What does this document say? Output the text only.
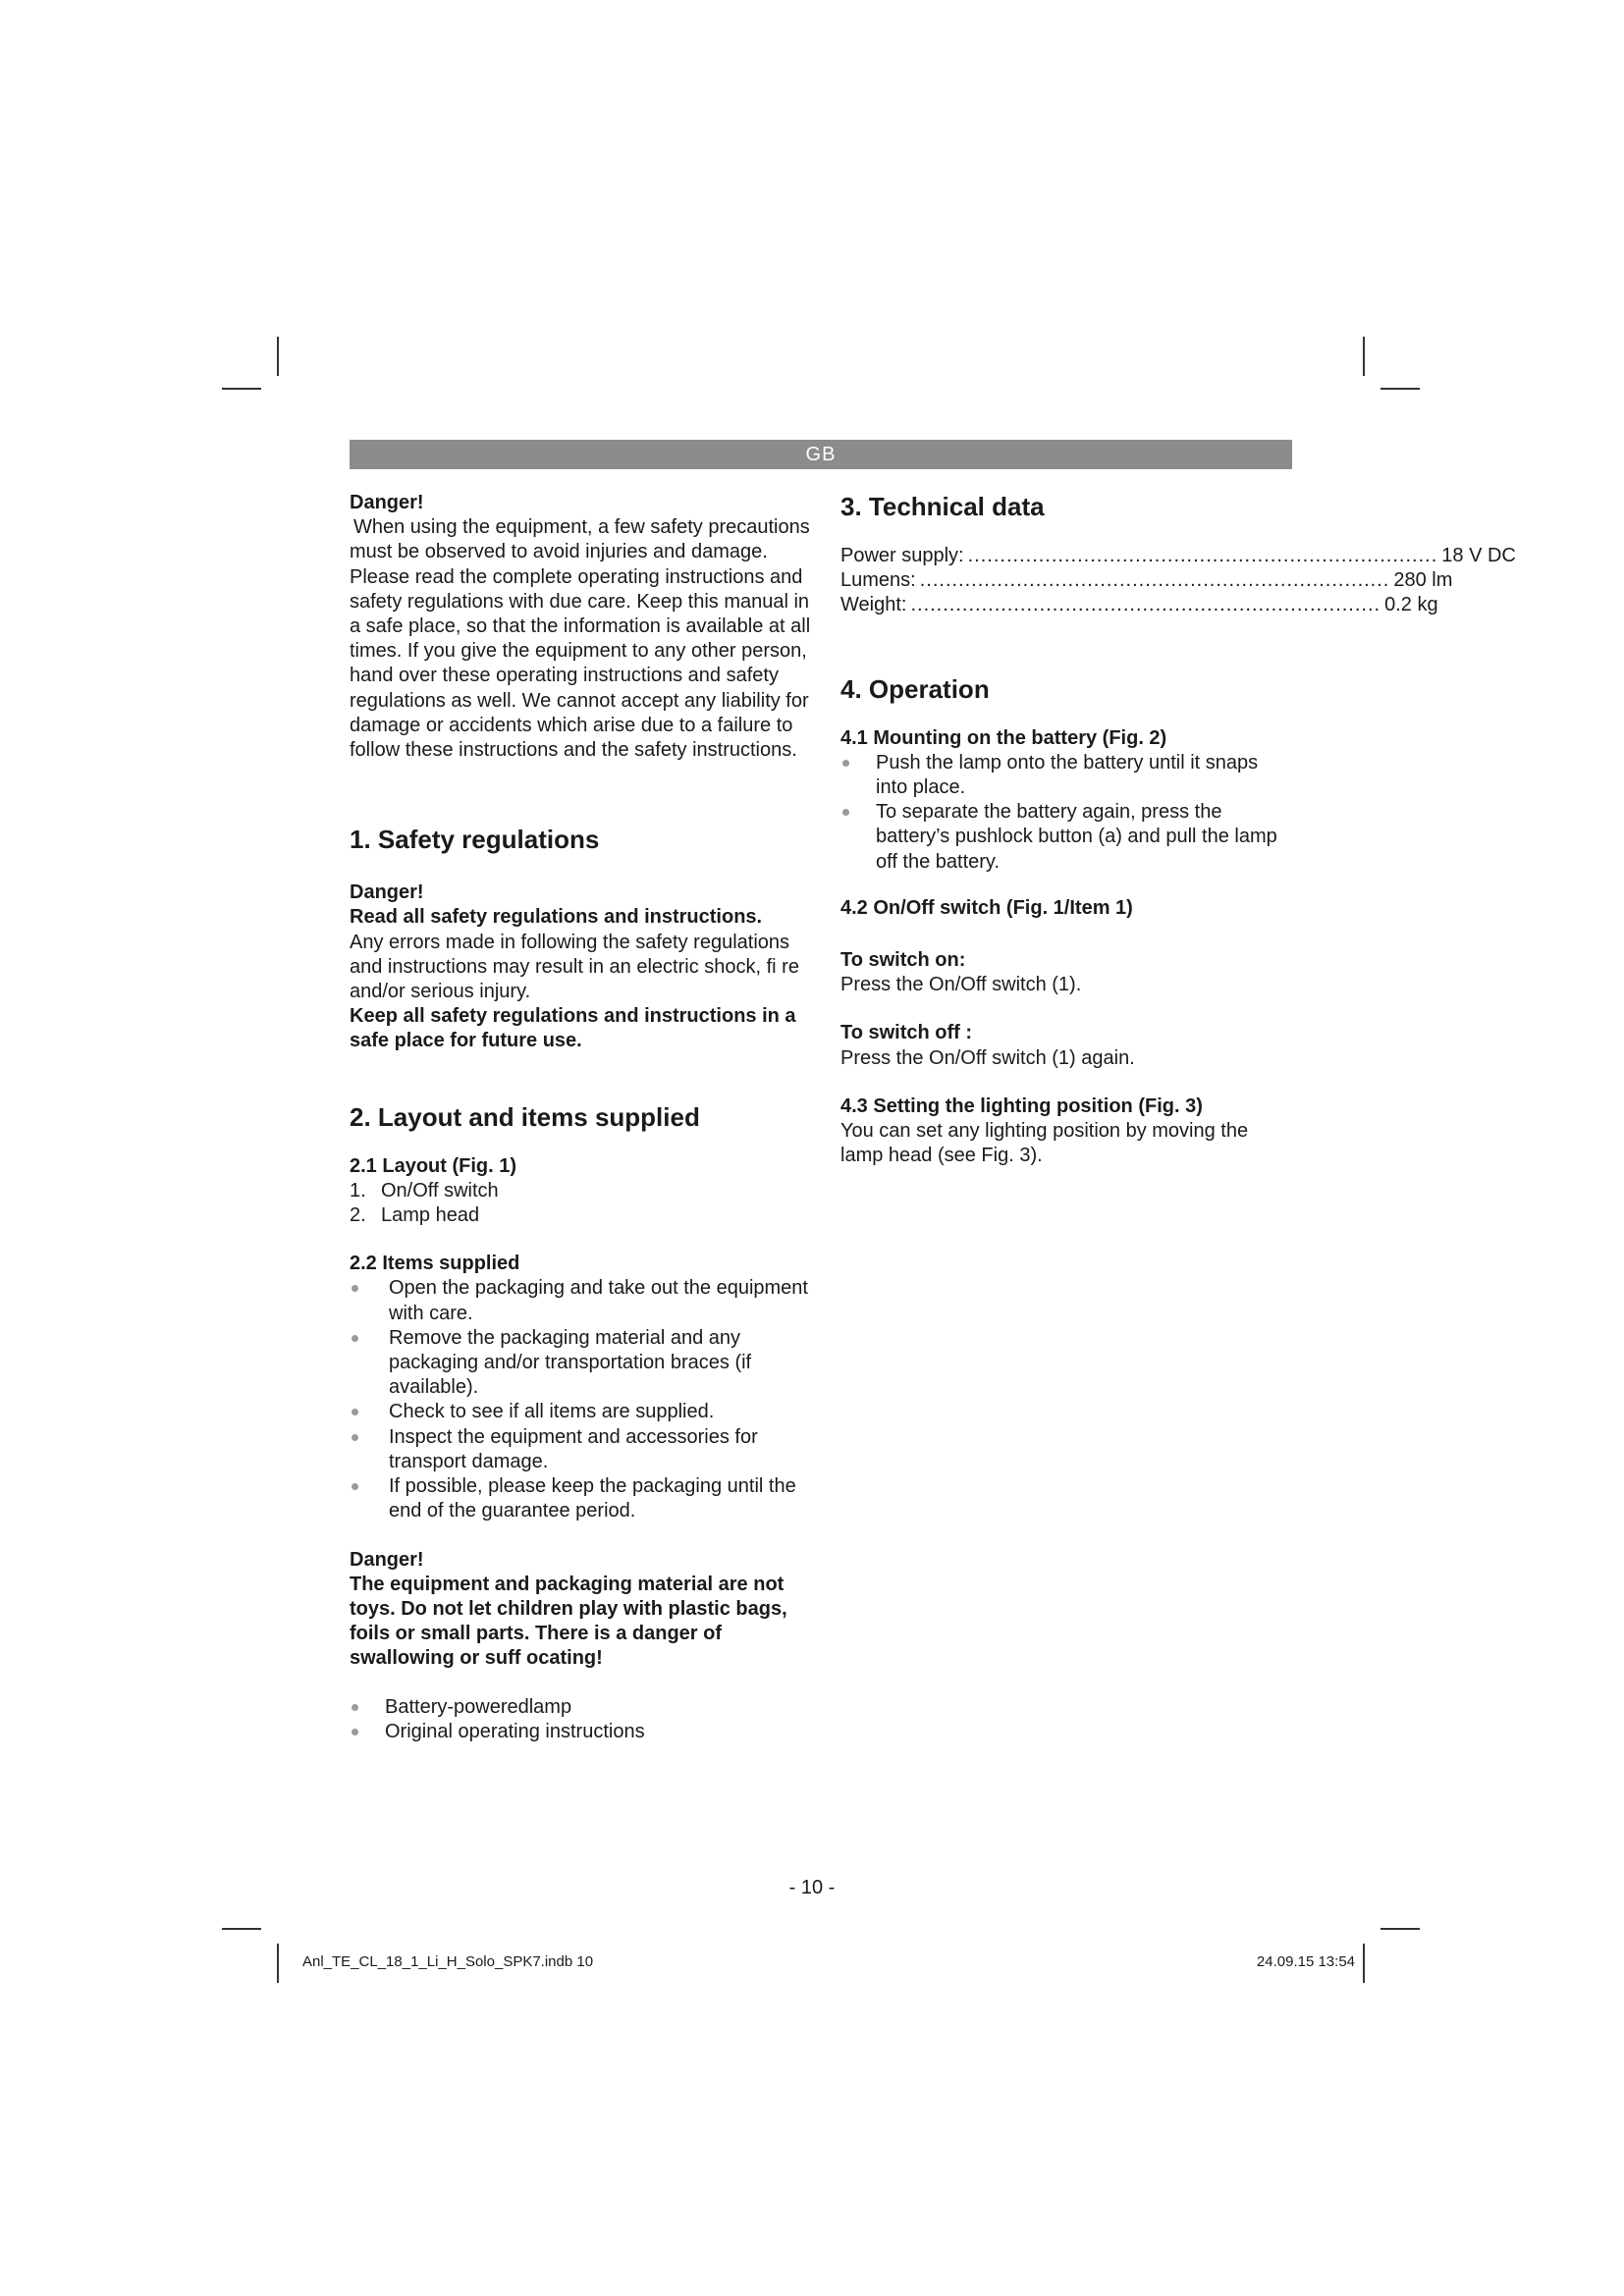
GB
Danger!

When using the equipment, a few safety precautions must be observed to avoid injuries and damage. Please read the complete operating instructions and safety regulations with due care. Keep this manual in a safe place, so that the information is available at all times. If you give the equipment to any other person, hand over these operating instructions and safety regulations as well. We cannot accept any liability for damage or accidents which arise due to a failure to follow these instructions and the safety instructions.

1. Safety regulations
Danger!
Read all safety regulations and instructions.

Any errors made in following the safety regulations and instructions may result in an electric shock, fi re and/or serious injury.

Keep all safety regulations and instructions in a safe place for future use.
2. Layout and items supplied
2.1 Layout (Fig. 1)
1. On/Off switch
2. Lamp head
2.2 Items supplied
Open the packaging and take out the equipment with care.
Remove the packaging material and any packaging and/or transportation braces (if available).
Check to see if all items are supplied.
Inspect the equipment and accessories for transport damage.
If possible, please keep the packaging until the end of the guarantee period.
Danger!
The equipment and packaging material are not toys. Do not let children play with plastic bags, foils or small parts. There is a danger of swallowing or suff ocating!
Battery-poweredlamp
Original operating instructions
3. Technical data
Power supply: ......................................................................... 18 V DC
Lumens: ......................................................................... 280 lm
Weight: ......................................................................... 0.2 kg
4. Operation
4.1 Mounting on the battery (Fig. 2)
Push the lamp onto the battery until it snaps into place.
To separate the battery again, press the battery’s pushlock button (a) and pull the lamp off the battery.
4.2 On/Off switch (Fig. 1/Item 1)
To switch on:

Press the On/Off switch (1).

To switch off :

Press the On/Off switch (1) again.

4.3 Setting the lighting position (Fig. 3)

You can set any lighting position by moving the lamp head (see Fig. 3).

- 10 -
Anl_TE_CL_18_1_Li_H_Solo_SPK7.indb 10	24.09.15 13:54
